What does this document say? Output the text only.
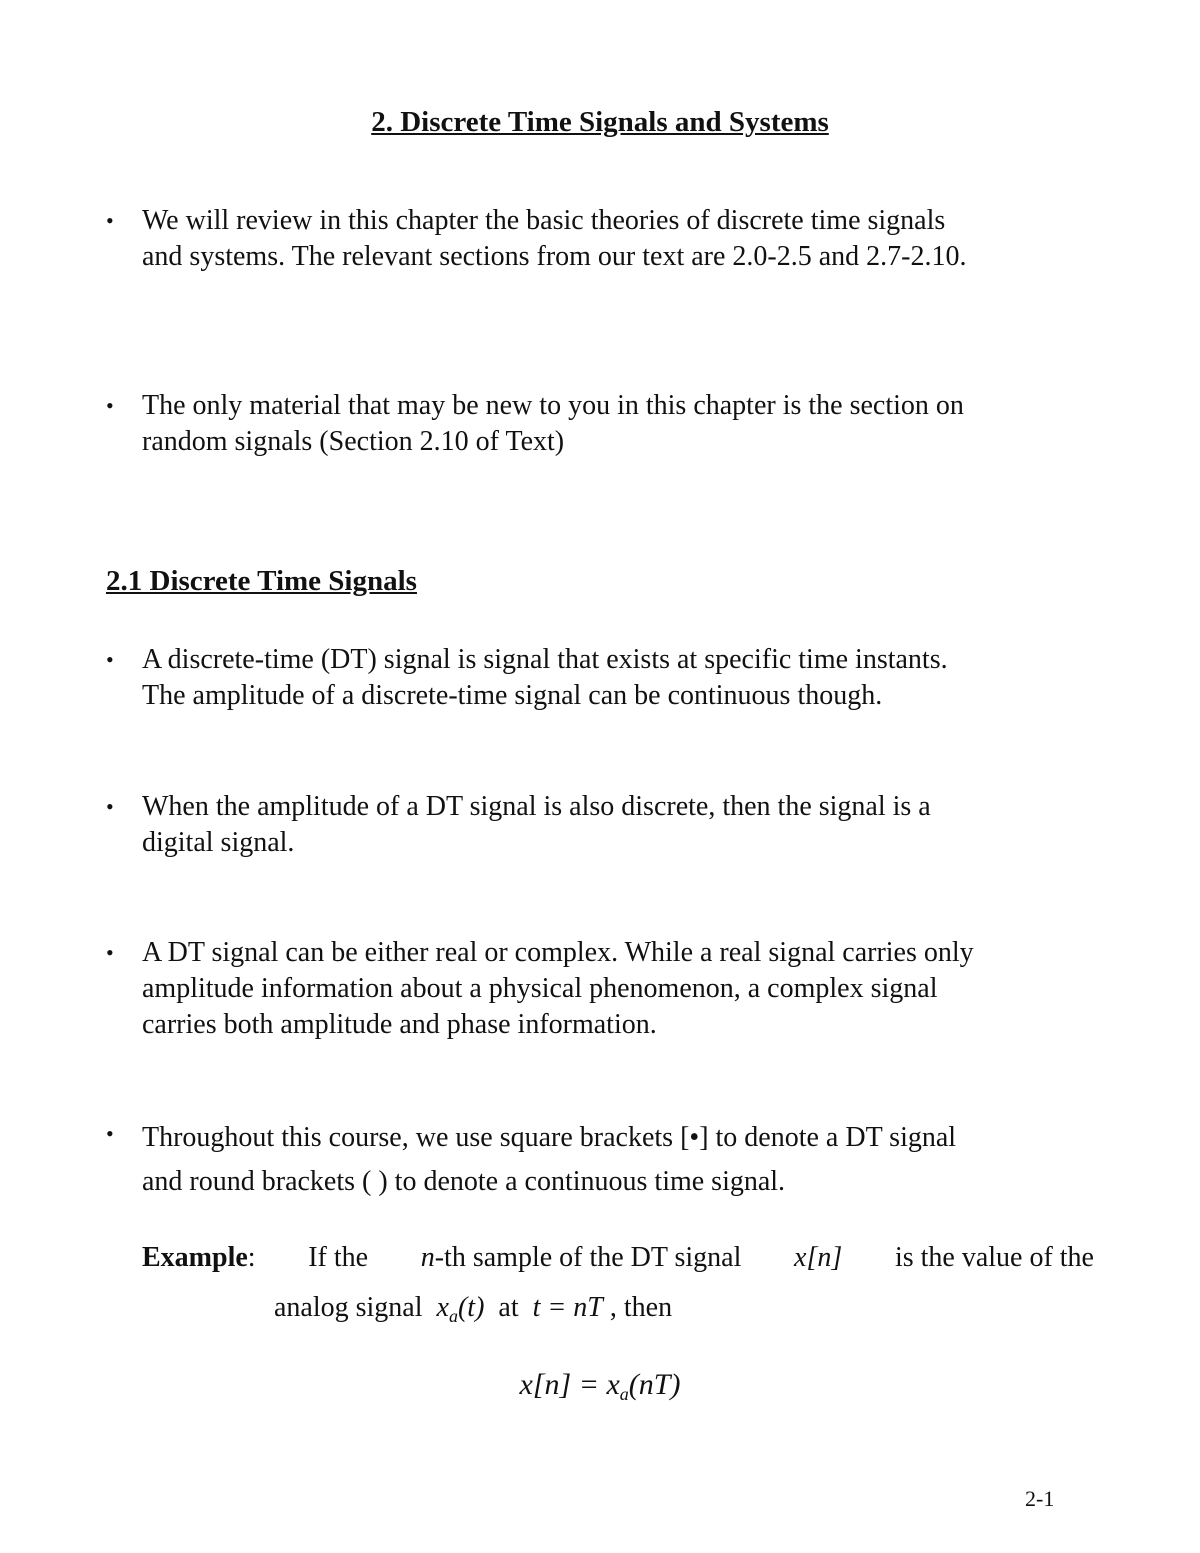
2. Discrete Time Signals and Systems
•	We will review in this chapter the basic theories of discrete time signals
and systems. The relevant sections from our text are 2.0-2.5 and 2.7-2.10.
•	The only material that may be new to you in this chapter is the section on
random signals (Section 2.10 of Text)
2.1 Discrete Time Signals
•	A discrete-time (DT) signal is signal that exists at specific time instants.
The amplitude of a discrete-time signal can be continuous though.
•	When the amplitude of a DT signal is also discrete, then the signal is a
digital signal.
•	A DT signal can be either real or complex. While a real signal carries only
amplitude information about a physical phenomenon, a complex signal
carries both amplitude and phase information.
•	Throughout this course, we use square brackets [•] to denote a DT signal
and round brackets ( ) to denote a continuous time signal.
Example: If the n-th sample of the DT signal x[n] is the value of the
analog signal $x_a(t)$ at t = nT , then
$x[n] = x_a(nT)$
2-1
